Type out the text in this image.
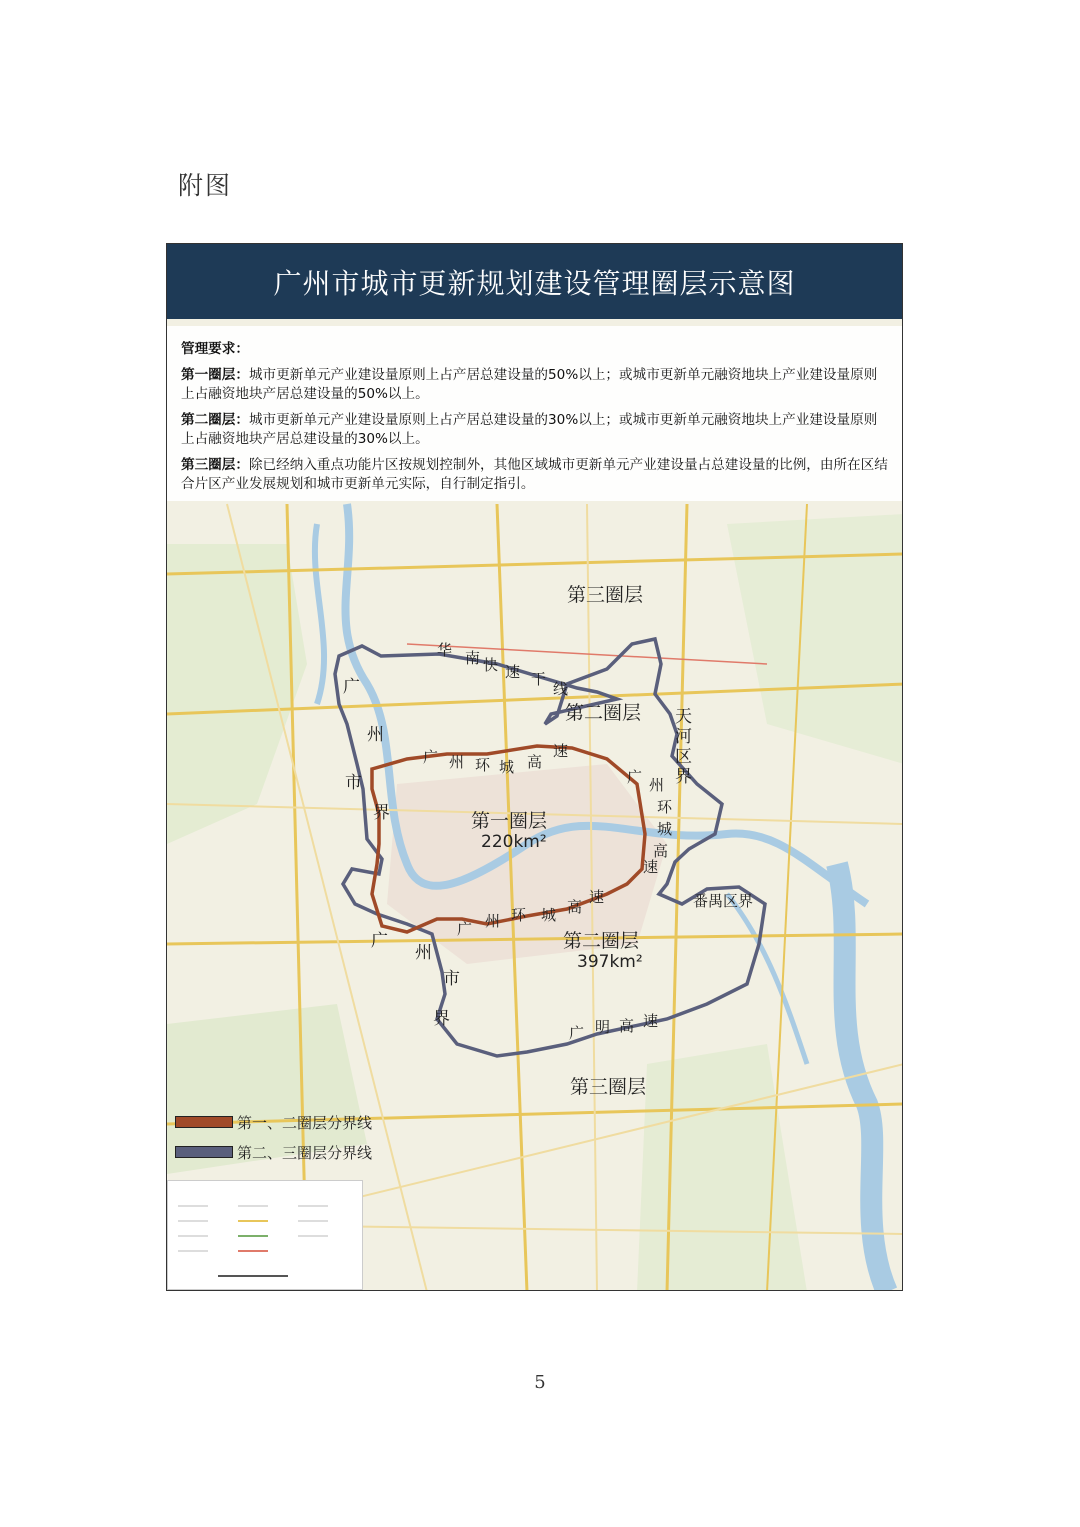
附图
广州市城市更新规划建设管理圈层示意图
管理要求：
第一圈层：城市更新单元产业建设量原则上占产居总建设量的50%以上；或城市更新单元融资地块上产业建设量原则上占融资地块产居总建设量的50%以上。
第二圈层：城市更新单元产业建设量原则上占产居总建设量的30%以上；或城市更新单元融资地块上产业建设量原则上占融资地块产居总建设量的30%以上。
第三圈层：除已经纳入重点功能片区按规划控制外，其他区域城市更新单元产业建设量占总建设量的比例，由所在区结合片区产业发展规划和城市更新单元实际，自行制定指引。
第三圈层
第二圈层
第一圈层
220km²
第二圈层
397km²
第三圈层
华 南 快 速 干
线
广 州 环 城 高
速
广 州
环
城
高
速
广 州 环 城 高
速
广 明 高 速
广
州
市
界
广
州
市
界
天
河
区
界
番禺区界
第一、二圈层分界线
第二、三圈层分界线
5
